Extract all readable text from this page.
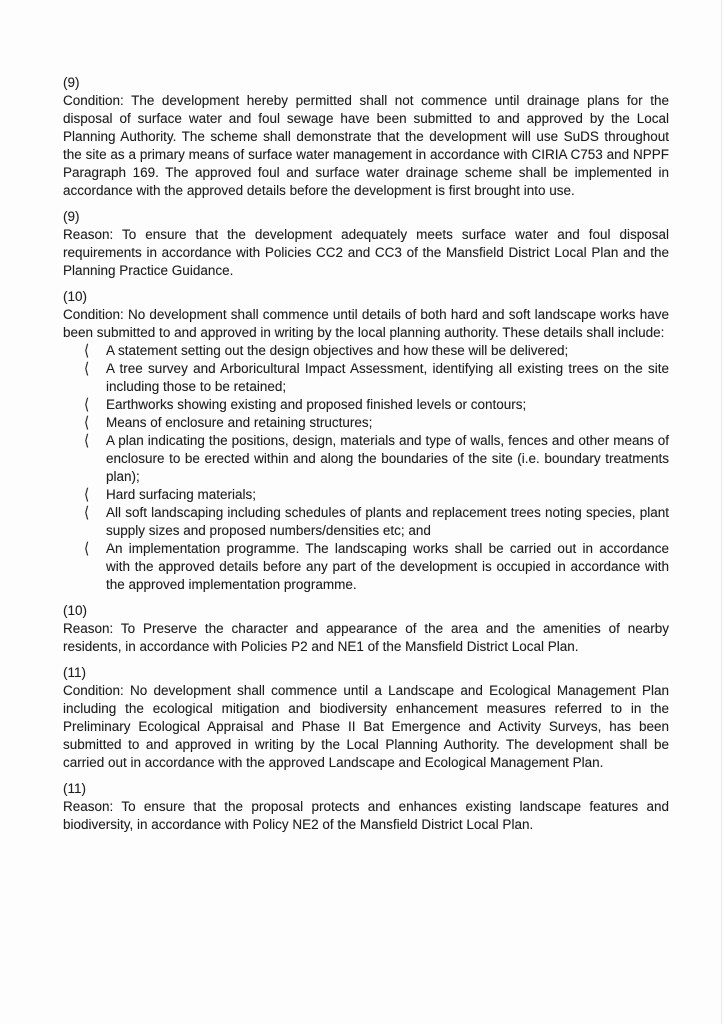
(9)

Condition: The development hereby permitted shall not commence until drainage plans for the disposal of surface water and foul sewage have been submitted to and approved by the Local Planning Authority. The scheme shall demonstrate that the development will use SuDS throughout the site as a primary means of surface water management in accordance with CIRIA C753 and NPPF Paragraph 169. The approved foul and surface water drainage scheme shall be implemented in accordance with the approved details before the development is first brought into use.

(9)

Reason: To ensure that the development adequately meets surface water and foul disposal requirements in accordance with Policies CC2 and CC3 of the Mansfield District Local Plan and the Planning Practice Guidance.

(10)

Condition: No development shall commence until details of both hard and soft landscape works have been submitted to and approved in writing by the local planning authority. These details shall include:

⟨	A statement setting out the design objectives and how these will be delivered;
⟨	A tree survey and Arboricultural Impact Assessment, identifying all existing trees on the site including those to be retained;
⟨	Earthworks showing existing and proposed finished levels or contours;
⟨	Means of enclosure and retaining structures;
⟨	A plan indicating the positions, design, materials and type of walls, fences and other means of enclosure to be erected within and along the boundaries of the site (i.e. boundary treatments plan);
⟨	Hard surfacing materials;
⟨	All soft landscaping including schedules of plants and replacement trees noting species, plant supply sizes and proposed numbers/densities etc; and
⟨	An implementation programme. The landscaping works shall be carried out in accordance with the approved details before any part of the development is occupied in accordance with the approved implementation programme.
(10)

Reason: To Preserve the character and appearance of the area and the amenities of nearby residents, in accordance with Policies P2 and NE1 of the Mansfield District Local Plan.

(11)

Condition: No development shall commence until a Landscape and Ecological Management Plan including the ecological mitigation and biodiversity enhancement measures referred to in the Preliminary Ecological Appraisal and Phase II Bat Emergence and Activity Surveys, has been submitted to and approved in writing by the Local Planning Authority. The development shall be carried out in accordance with the approved Landscape and Ecological Management Plan.

(11)

Reason: To ensure that the proposal protects and enhances existing landscape features and biodiversity, in accordance with Policy NE2 of the Mansfield District Local Plan.
